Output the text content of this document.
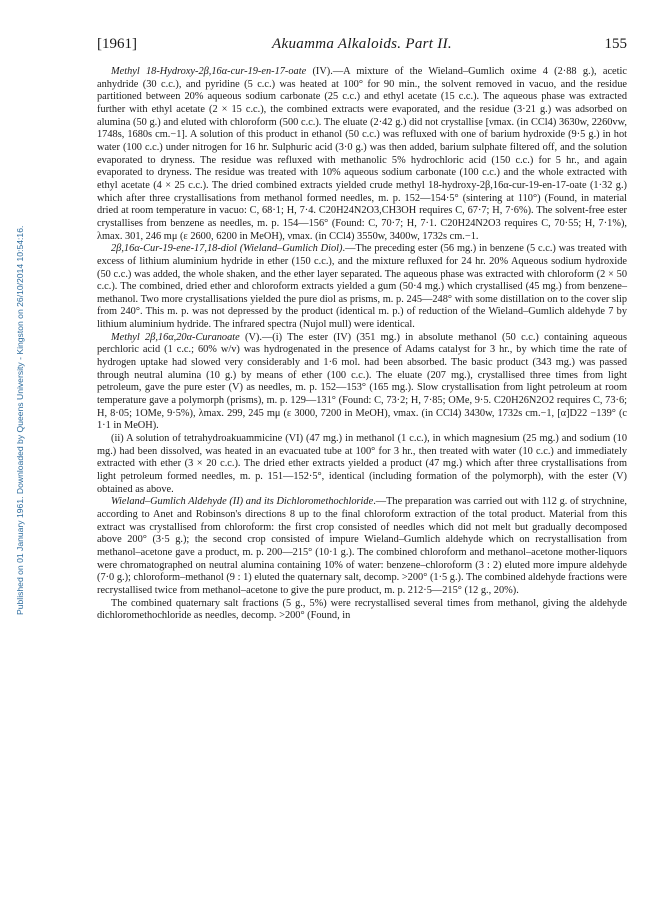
Published on 01 January 1961. Downloaded by Queens University - Kingston on 26/10/2014 10:54:16.
[1961]	Akuamma Alkaloids. Part II.	155

Methyl 18-Hydroxy-2β,16α-cur-19-en-17-oate (IV).—A mixture of the Wieland–Gumlich oxime 4 (2·88 g.), acetic anhydride (30 c.c.), and pyridine (5 c.c.) was heated at 100° for 90 min., the solvent removed in vacuo, and the residue partitioned between 20% aqueous sodium carbonate (25 c.c.) and ethyl acetate (15 c.c.). The aqueous phase was extracted further with ethyl acetate (2 × 15 c.c.), the combined extracts were evaporated, and the residue (3·21 g.) was adsorbed on alumina (50 g.) and eluted with chloroform (500 c.c.). The eluate (2·42 g.) did not crystallise [νmax. (in CCl4) 3630w, 2260vw, 1748s, 1680s cm.−1]. A solution of this product in ethanol (50 c.c.) was refluxed with one of barium hydroxide (9·5 g.) in hot water (100 c.c.) under nitrogen for 16 hr. Sulphuric acid (3·0 g.) was then added, barium sulphate filtered off, and the solution evaporated to dryness. The residue was refluxed with methanolic 5% hydrochloric acid (150 c.c.) for 5 hr., and again evaporated to dryness. The residue was treated with 10% aqueous sodium carbonate (100 c.c.) and the whole extracted with ethyl acetate (4 × 25 c.c.). The dried combined extracts yielded crude methyl 18-hydroxy-2β,16α-cur-19-en-17-oate (1·32 g.) which after three crystallisations from methanol formed needles, m. p. 152—154·5° (sintering at 110°) (Found, in material dried at room temperature in vacuo: C, 68·1; H, 7·4. C20H24N2O3,CH3OH requires C, 67·7; H, 7·6%). The solvent-free ester crystallises from benzene as needles, m. p. 154—156° (Found: C, 70·7; H, 7·1. C20H24N2O3 requires C, 70·55; H, 7·1%), λmax. 301, 246 mμ (ε 2600, 6200 in MeOH), νmax. (in CCl4) 3550w, 3400w, 1732s cm.−1.

2β,16α-Cur-19-ene-17,18-diol (Wieland–Gumlich Diol).—The preceding ester (56 mg.) in benzene (5 c.c.) was treated with excess of lithium aluminium hydride in ether (150 c.c.), and the mixture refluxed for 24 hr. 20% Aqueous sodium hydroxide (50 c.c.) was added, the whole shaken, and the ether layer separated. The aqueous phase was extracted with chloroform (2 × 50 c.c.). The combined, dried ether and chloroform extracts yielded a gum (50·4 mg.) which crystallised (45 mg.) from benzene–methanol. Two more crystallisations yielded the pure diol as prisms, m. p. 245—248° with some distillation on to the cover slip from 240°. This m. p. was not depressed by the product (identical m. p.) of reduction of the Wieland–Gumlich aldehyde 7 by lithium aluminium hydride. The infrared spectra (Nujol mull) were identical.

Methyl 2β,16α,20α-Curanoate (V).—(i) The ester (IV) (351 mg.) in absolute methanol (50 c.c.) containing aqueous perchloric acid (1 c.c.; 60% w/v) was hydrogenated in the presence of Adams catalyst for 3 hr., by which time the rate of hydrogen uptake had slowed very considerably and 1·6 mol. had been absorbed. The basic product (343 mg.) was passed through neutral alumina (10 g.) by means of ether (100 c.c.). The eluate (207 mg.), crystallised three times from light petroleum, gave the pure ester (V) as needles, m. p. 152—153° (165 mg.). Slow crystallisation from light petroleum at room temperature gave a polymorph (prisms), m. p. 129—131° (Found: C, 73·2; H, 7·85; OMe, 9·5. C20H26N2O2 requires C, 73·6; H, 8·05; 1OMe, 9·5%), λmax. 299, 245 mμ (ε 3000, 7200 in MeOH), νmax. (in CCl4) 3430w, 1732s cm.−1, [α]D22 −139° (c 1·1 in MeOH).

(ii) A solution of tetrahydroakuammicine (VI) (47 mg.) in methanol (1 c.c.), in which magnesium (25 mg.) and sodium (10 mg.) had been dissolved, was heated in an evacuated tube at 100° for 3 hr., then treated with water (10 c.c.) and immediately extracted with ether (3 × 20 c.c.). The dried ether extracts yielded a product (47 mg.) which after three crystallisations from light petroleum formed needles, m. p. 151—152·5°, identical (including formation of the polymorph), with the ester (V) obtained as above.

Wieland–Gumlich Aldehyde (II) and its Dichloromethochloride.—The preparation was carried out with 112 g. of strychnine, according to Anet and Robinson's directions 8 up to the final chloroform extraction of the total product. Material from this extract was crystallised from chloroform: the first crop consisted of needles which did not melt but gradually decomposed above 200° (3·5 g.); the second crop consisted of impure Wieland–Gumlich aldehyde which on recrystallisation from methanol–acetone gave a product, m. p. 200—215° (10·1 g.). The combined chloroform and methanol–acetone mother-liquors were chromatographed on neutral alumina containing 10% of water: benzene–chloroform (3 : 2) eluted more impure aldehyde (7·0 g.); chloroform–methanol (9 : 1) eluted the quaternary salt, decomp. >200° (1·5 g.). The combined aldehyde fractions were recrystallised twice from methanol–acetone to give the pure product, m. p. 212·5—215° (12 g., 20%).

The combined quaternary salt fractions (5 g., 5%) were recrystallised several times from methanol, giving the aldehyde dichloromethochloride as needles, decomp. >200° (Found, in
